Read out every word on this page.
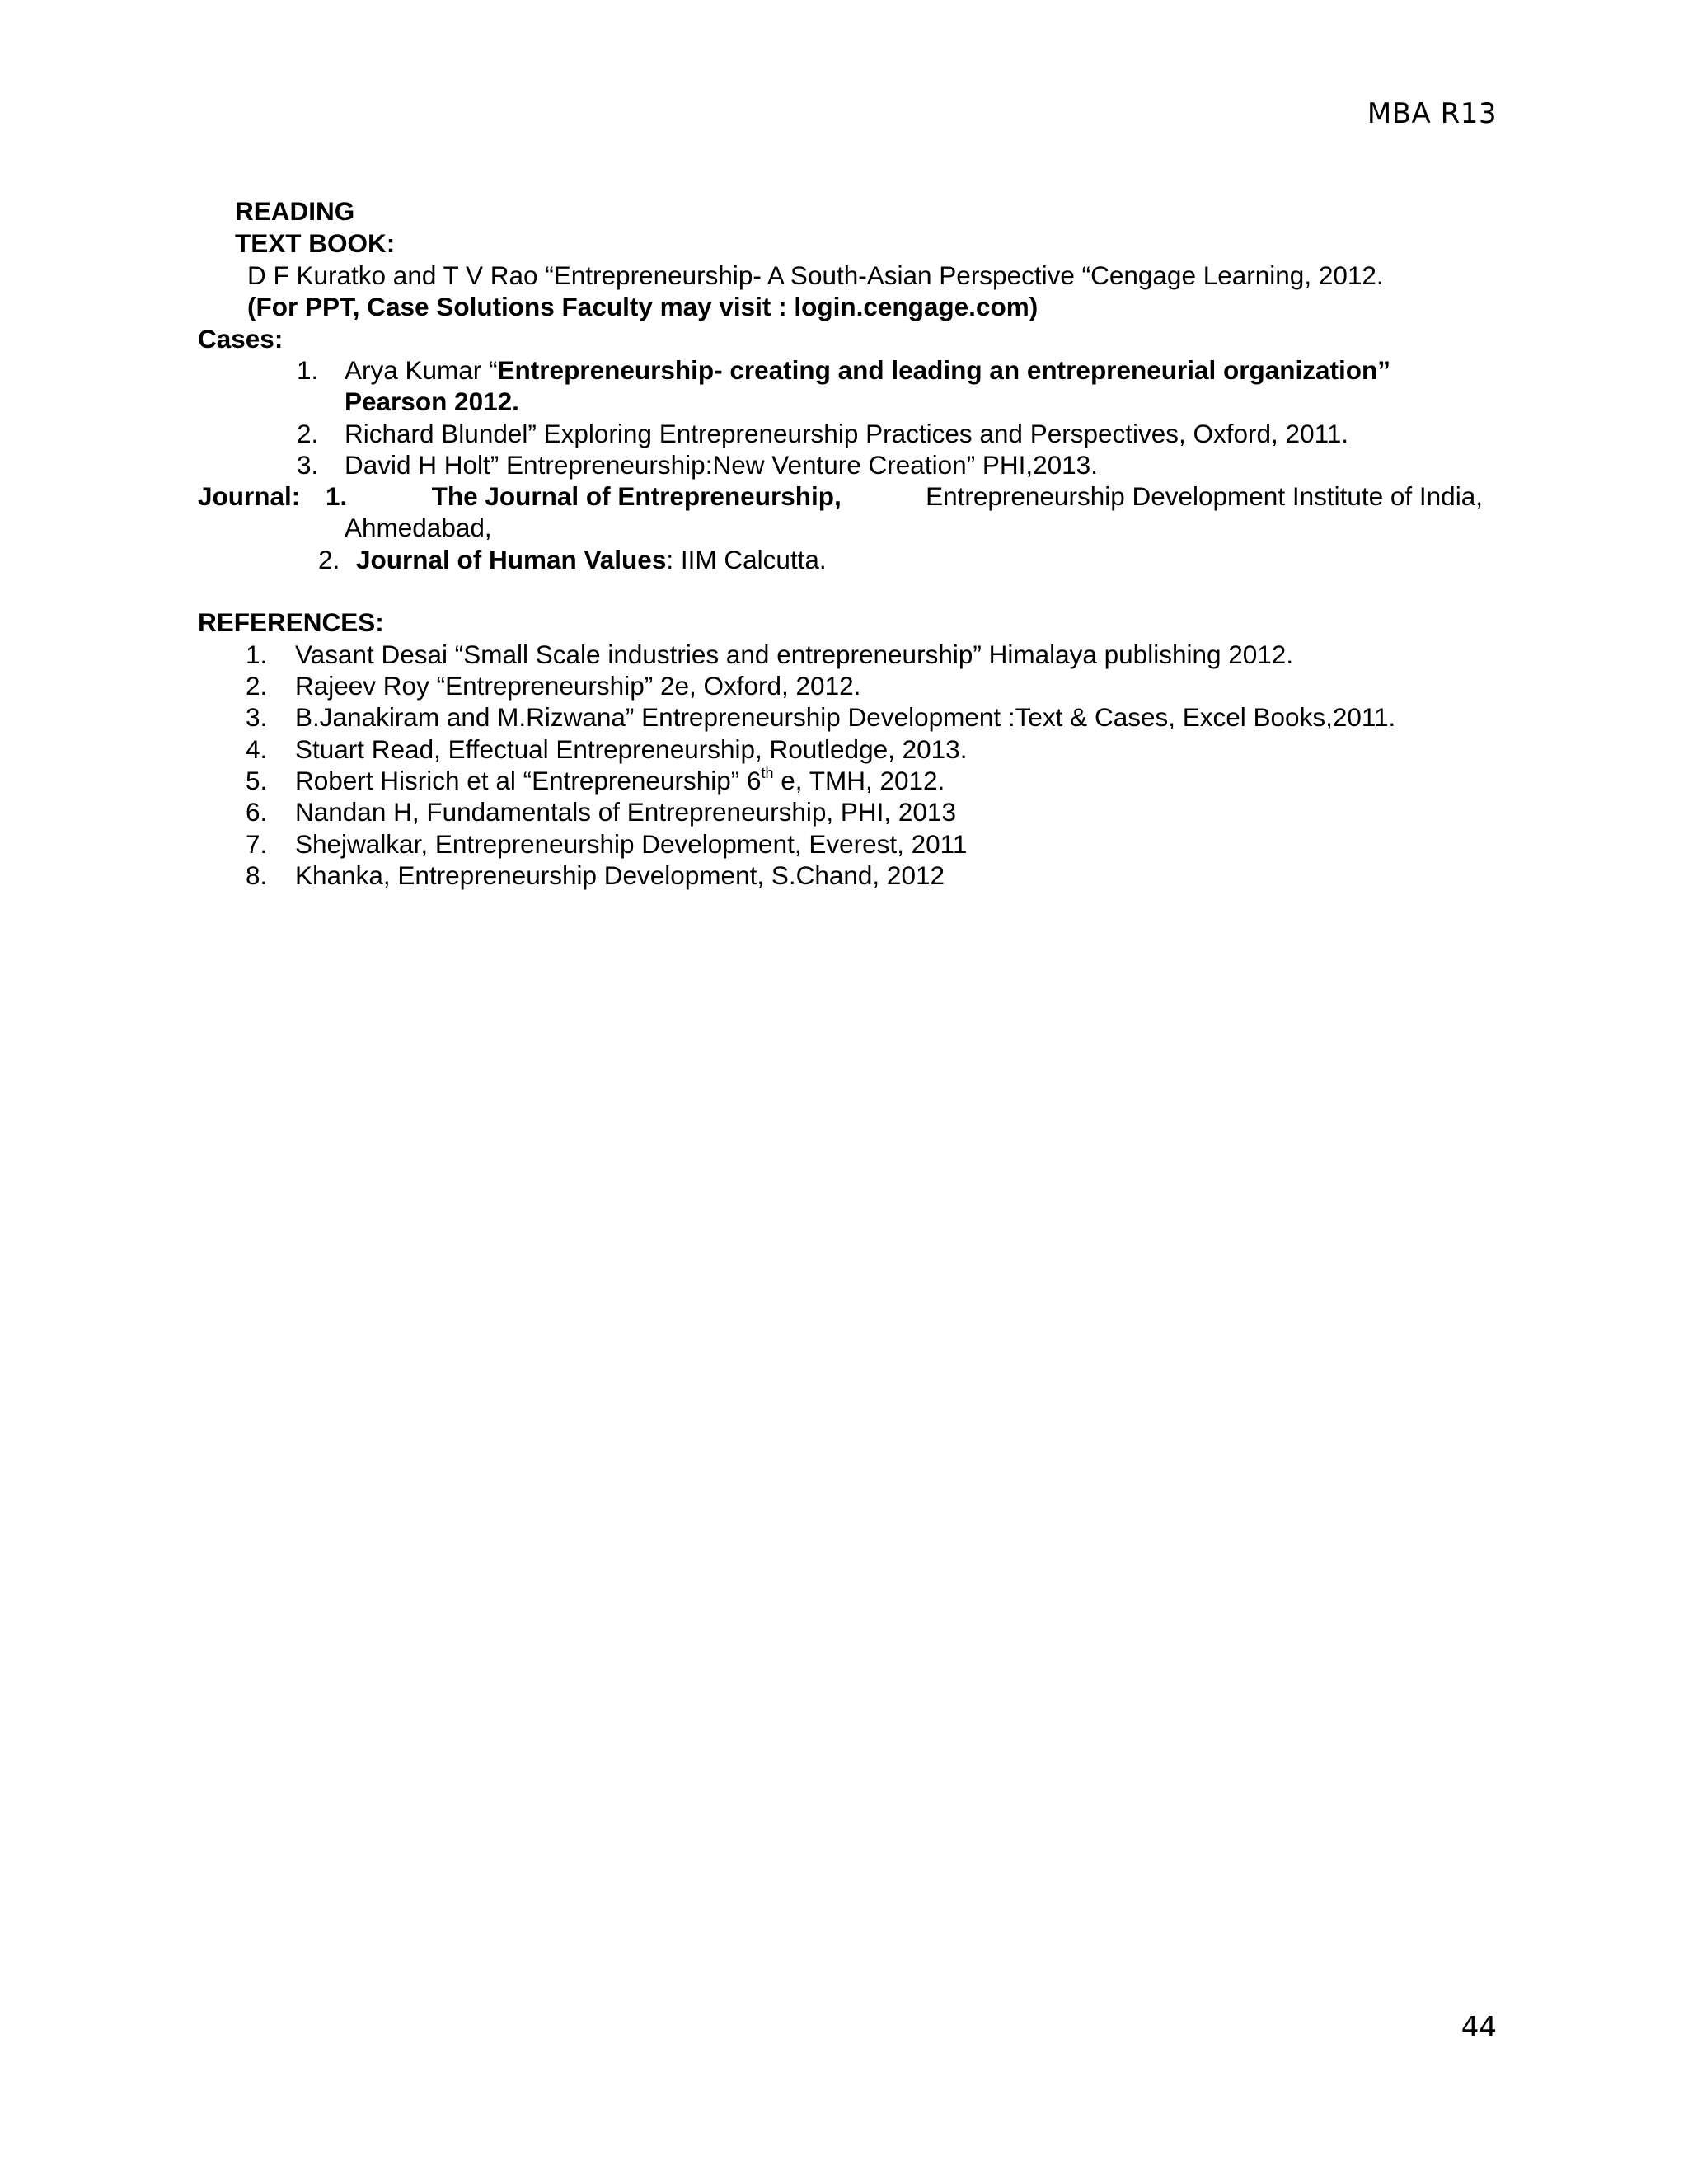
MBA R13
READING
TEXT BOOK:
D F Kuratko and T V Rao “Entrepreneurship- A South-Asian Perspective “Cengage Learning, 2012.
(For PPT, Case Solutions Faculty may visit : login.cengage.com)
Cases:
1. Arya Kumar “Entrepreneurship- creating and leading an entrepreneurial organization”
Pearson 2012.
2. Richard Blundel” Exploring Entrepreneurship Practices and Perspectives, Oxford, 2011.
3. David H Holt” Entrepreneurship:New Venture Creation” PHI,2013.
Journal: 1.	The Journal of Entrepreneurship,	Entrepreneurship Development Institute of India,
Ahmedabad,
2. Journal of Human Values: IIM Calcutta.
REFERENCES:
1. Vasant Desai “Small Scale industries and entrepreneurship” Himalaya publishing 2012.
2. Rajeev Roy “Entrepreneurship” 2e, Oxford, 2012.
3. B.Janakiram and M.Rizwana” Entrepreneurship Development :Text & Cases, Excel Books,2011.
4. Stuart Read, Effectual Entrepreneurship, Routledge, 2013.
5. Robert Hisrich et al “Entrepreneurship” 6th e, TMH, 2012.
6. Nandan H, Fundamentals of Entrepreneurship, PHI, 2013
7. Shejwalkar, Entrepreneurship Development, Everest, 2011
8. Khanka, Entrepreneurship Development, S.Chand, 2012
44
